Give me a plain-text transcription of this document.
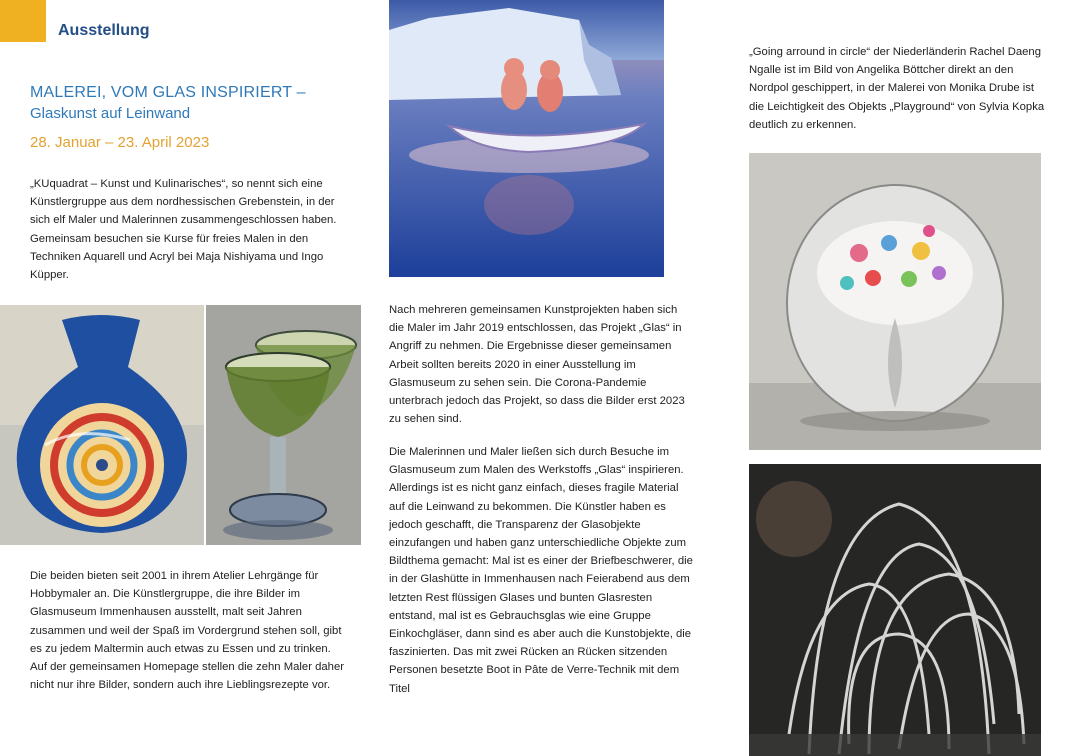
Ausstellung
MALEREI, VOM GLAS INSPIRIERT –
Glaskunst auf Leinwand
28. Januar – 23. April 2023

„KUquadrat – Kunst und Kulinarisches“, so nennt sich eine Künstlergruppe aus dem nordhessischen Grebenstein, in der sich elf Maler und Malerinnen zusammengeschlossen haben. Gemeinsam besuchen sie Kurse für freies Malen in den Techniken Aquarell und Acryl bei Maja Nishiyama und Ingo Küpper.

Die beiden bieten seit 2001 in ihrem Atelier Lehrgänge für Hobbymaler an. Die Künstlergruppe, die ihre Bilder im Glasmuseum Immenhausen ausstellt, malt seit Jahren zusammen und weil der Spaß im Vordergrund stehen soll, gibt es zu jedem Maltermin auch etwas zu Essen und zu trinken. Auf der gemeinsamen Homepage stellen die zehn Maler daher nicht nur ihre Bilder, sondern auch ihre Lieblingsrezepte vor.

Nach mehreren gemeinsamen Kunstprojekten haben sich die Maler im Jahr 2019 entschlossen, das Projekt „Glas“ in Angriff zu nehmen. Die Ergebnisse dieser gemeinsamen Arbeit sollten bereits 2020 in einer Ausstellung im Glasmuseum zu sehen sein. Die Corona-Pandemie unterbrach jedoch das Projekt, so dass die Bilder erst 2023 zu sehen sind.

Die Malerinnen und Maler ließen sich durch Besuche im Glasmuseum zum Malen des Werkstoffs „Glas“ inspirieren. Allerdings ist es nicht ganz einfach, dieses fragile Material auf die Leinwand zu bekommen. Die Künstler haben es jedoch geschafft, die Transparenz der Glasobjekte einzufangen und haben ganz unterschiedliche Objekte zum Bildthema gemacht: Mal ist es einer der Briefbeschwerer, die in der Glashütte in Immenhausen nach Feierabend aus dem letzten Rest flüssigen Glases und bunten Glasresten entstand, mal ist es Gebrauchsglas wie eine Gruppe Einkochgläser, dann sind es aber auch die Kunstobjekte, die faszinierten. Das mit zwei Rücken an Rücken sitzenden Personen besetzte Boot in Pâte de Verre-Technik mit dem Titel

„Going arround in circle“ der Niederländerin Rachel Daeng Ngalle ist im Bild von Angelika Böttcher direkt an den Nordpol geschippert, in der Malerei von Monika Drube ist die Leichtigkeit des Objekts „Playground“ von Sylvia Kopka deutlich zu erkennen.
